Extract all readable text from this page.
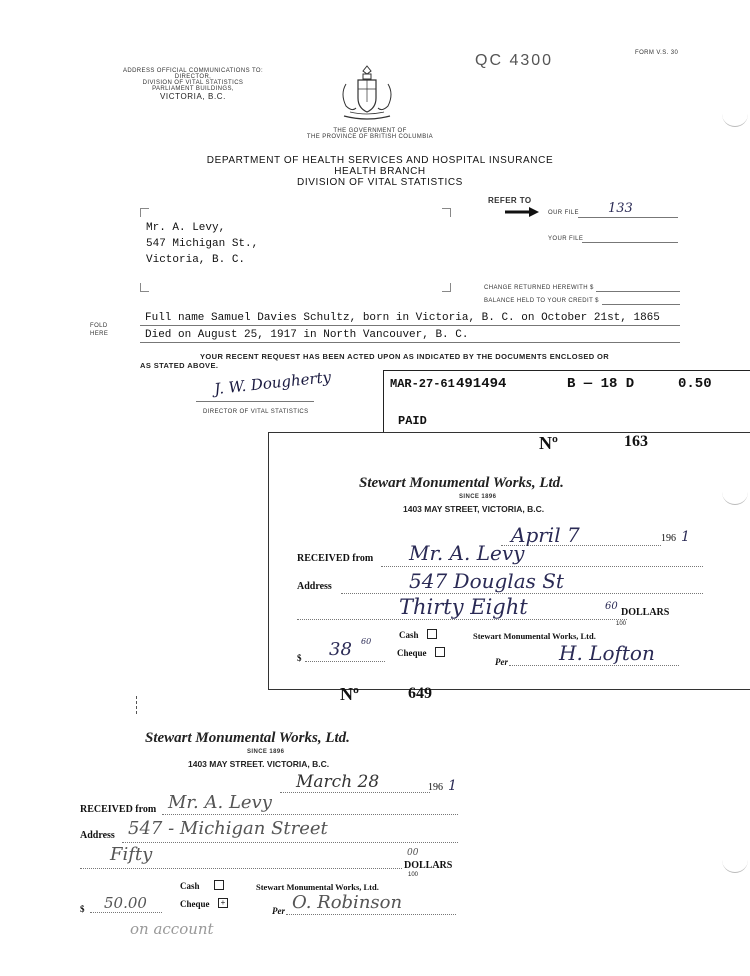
QC 4300	FORM V.S. 30
ADDRESS OFFICIAL COMMUNICATIONS TO:
DIRECTOR,
DIVISION OF VITAL STATISTICS
PARLIAMENT BUILDINGS,
VICTORIA, B.C.
THE GOVERNMENT OF
THE PROVINCE OF BRITISH COLUMBIA
DEPARTMENT OF HEALTH SERVICES AND HOSPITAL INSURANCE
HEALTH BRANCH
DIVISION OF VITAL STATISTICS
REFER TO
OUR FILE 133
YOUR FILE
Mr. A. Levy,
547 Michigan St.,
Victoria, B. C.
CHANGE RETURNED HEREWITH $
BALANCE HELD TO YOUR CREDIT $
FOLD
HERE
Full name Samuel Davies Schultz, born in Victoria, B. C. on October 21st, 1865
Died on August 25, 1917 in North Vancouver, B. C.
YOUR RECENT REQUEST HAS BEEN ACTED UPON AS INDICATED BY THE DOCUMENTS ENCLOSED OR
AS STATED ABOVE.
J. W. Dougherty
DIRECTOR OF VITAL STATISTICS
MAR-27-61 491494	B — 18 D	0.50
PAID
Nº	163
Stewart Monumental Works, Ltd.
SINCE 1896
1403 MAY STREET, VICTORIA, B.C.
April 7	196 1
RECEIVED from Mr. A. Levy
Address	547 Douglas St
Thirty Eight	60
100
DOLLARS
Cash
Cheque
Stewart Monumental Works, Ltd.
$ 38 60
Per	H. Lofton
Nº	649
Stewart Monumental Works, Ltd.
SINCE 1896
1403 MAY STREET. VICTORIA, B.C.
March 28	196 1
RECEIVED from Mr. A. Levy
Address 547 - Michigan Street
Fifty	00
100
DOLLARS
Cash
Cheque +
Stewart Monumental Works, Ltd.
$ 50.00	Per O. Robinson
on account
